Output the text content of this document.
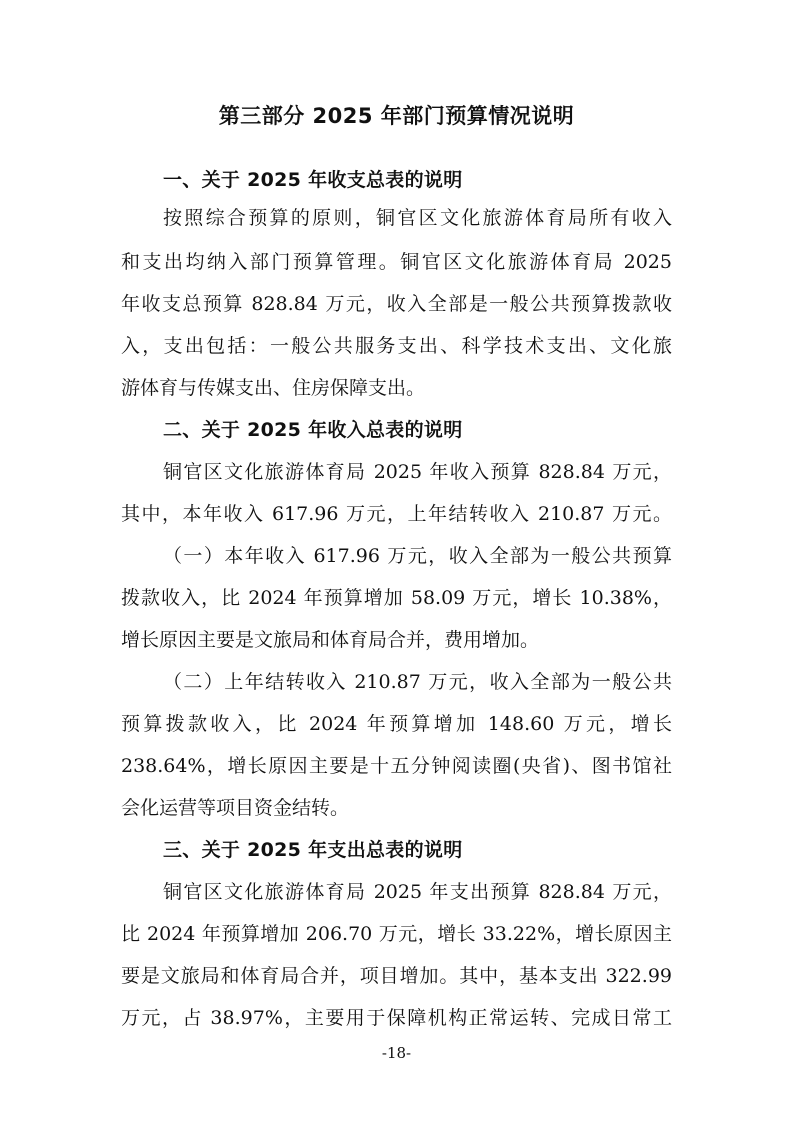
第三部分 2025 年部门预算情况说明
一、关于 2025 年收支总表的说明
按照综合预算的原则，铜官区文化旅游体育局所有收入
和支出均纳入部门预算管理。铜官区文化旅游体育局 2025
年收支总预算 828.84 万元，收入全部是一般公共预算拨款收
入，支出包括：一般公共服务支出、科学技术支出、文化旅
游体育与传媒支出、住房保障支出。
二、关于 2025 年收入总表的说明
铜官区文化旅游体育局 2025 年收入预算 828.84 万元，
其中，本年收入 617.96 万元，上年结转收入 210.87 万元。
（一）本年收入 617.96 万元，收入全部为一般公共预算
拨款收入，比 2024 年预算增加 58.09 万元，增长 10.38%，
增长原因主要是文旅局和体育局合并，费用增加。
（二）上年结转收入 210.87 万元，收入全部为一般公共
预算拨款收入，比 2024 年预算增加 148.60 万元，增长
238.64%，增长原因主要是十五分钟阅读圈(央省)、图书馆社
会化运营等项目资金结转。
三、关于 2025 年支出总表的说明
铜官区文化旅游体育局 2025 年支出预算 828.84 万元，
比 2024 年预算增加 206.70 万元，增长 33.22%，增长原因主
要是文旅局和体育局合并，项目增加。其中，基本支出 322.99
万元，占 38.97%，主要用于保障机构正常运转、完成日常工
-18-
